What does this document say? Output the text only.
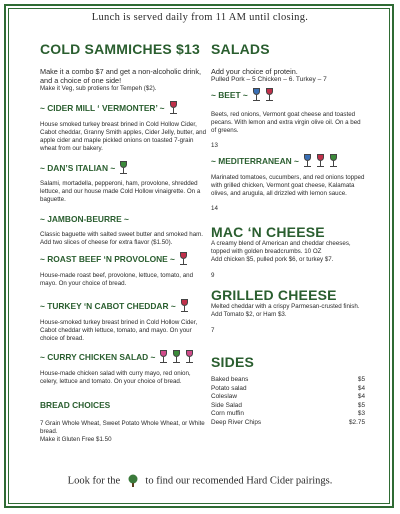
Lunch is served daily from 11 AM until closing.
COLD SAMMICHES $13

Make it a combo $7 and get a non-alcoholic drink, and a choice of one side!

Make it Veg, sub protiens for Tempeh ($2).

~ CIDER MILL ‘ VERMONTER’ ~

House smoked turkey breast brined in Cold Hollow Cider, Cabot cheddar, Granny Smith apples, Cider Jelly, butter, and apple cider and maple pickled onions on toasted 7-grain wheat from our bakery.

~ DAN’S ITALIAN ~

Salami, mortadella, pepperoni, ham, provolone, shredded lettuce, and our house made Cold Hollow vinaigrette. On a baguette.

~ JAMBON-BEURRE ~

Classic baguette with salted sweet butter and smoked ham. Add two slices of cheese for extra flavor ($1.50).

~ ROAST BEEF ‘N PROVOLONE ~

House-made roast beef, provolone, lettuce, tomato, and mayo. On your choice of bread.

~ TURKEY ‘N CABOT CHEDDAR ~

House-smoked turkey breast brined in Cold Hollow Cider, Cabot cheddar with lettuce, tomato, and mayo. On your choice of bread.

~ CURRY CHICKEN SALAD ~

House-made chicken salad with curry mayo, red onion, celery, lettuce and tomato. On your choice of bread.

BREAD CHOICES

7 Grain Whole Wheat, Sweet Potato Whole Wheat, or White bread.

Make it Gluten Free $1.50

SALADS

Add your choice of protein.

Pulled Pork – 5 Chicken – 6. Turkey – 7

~ BEET ~

Beets, red onions, Vermont goat cheese and toasted pecans. With lemon and extra virgin olive oil. On a bed of greens.

13

~ MEDITERRANEAN ~

Marinated tomatoes, cucumbers, and red onions topped with grilled chicken, Vermont goat cheese, Kalamata olives, and arugula, all drizzled with lemon sauce.

14

MAC ‘N CHEESE

A creamy blend of American and cheddar cheeses, topped with golden breadcrumbs. 10 OZ

Add chicken $5, pulled pork $6, or turkey $7.

9

GRILLED CHEESE

Melted cheddar with a crispy Parmesan-crusted finish.

Add Tomato $2, or Ham $3.

7

SIDES
Baked beans	$5
Potato salad	$4
Coleslaw	$4
Side Salad	$5
Corn muffin	$3
Deep River Chips	$2.75
Look for the to find our recomended Hard Cider pairings.
